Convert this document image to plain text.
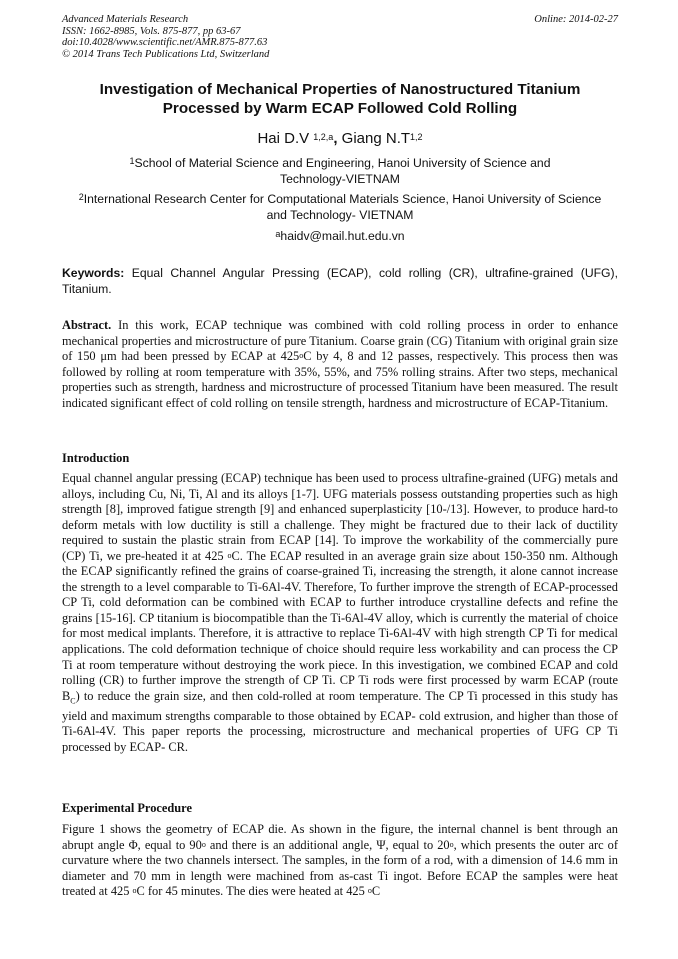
Advanced Materials Research
ISSN: 1662-8985, Vols. 875-877, pp 63-67
doi:10.4028/www.scientific.net/AMR.875-877.63
© 2014 Trans Tech Publications Ltd, Switzerland
Online: 2014-02-27
Investigation of Mechanical Properties of Nanostructured Titanium
Processed by Warm ECAP Followed Cold Rolling
Hai D.V $^{1,2,a}$, Giang $N.T^{1,2}$
$^1$School of Material Science and Engineering, Hanoi University of Science and
Technology-VIETNAM
$^2$International Research Center for Computational Materials Science, Hanoi University of Science
and Technology- VIETNAM
$^a$haidv@mail.hut.edu.vn
Keywords: Equal Channel Angular Pressing (ECAP), cold rolling (CR), ultrafine-grained (UFG), Titanium.
Abstract. In this work, ECAP technique was combined with cold rolling process in order to enhance mechanical properties and microstructure of pure Titanium. Coarse grain (CG) Titanium with original grain size of 150 μm had been pressed by ECAP at 425$^o$C by 4, 8 and 12 passes, respectively. This process then was followed by rolling at room temperature with 35%, 55%, and 75% rolling strains. After two steps, mechanical properties such as strength, hardness and microstructure of processed Titanium have been measured. The result indicated significant effect of cold rolling on tensile strength, hardness and microstructure of ECAP-Titanium.
Introduction
Equal channel angular pressing (ECAP) technique has been used to process ultrafine-grained (UFG) metals and alloys, including Cu, Ni, Ti, Al and its alloys [1-7]. UFG materials possess outstanding properties such as high strength [8], improved fatigue strength [9] and enhanced superplasticity [10-/13]. However, to produce hard-to deform metals with low ductility is still a challenge. They might be fractured due to their lack of ductility required to sustain the plastic strain from ECAP [14]. To improve the workability of the commercially pure (CP) Ti, we pre-heated it at 425 $^o$C. The ECAP resulted in an average grain size about 150-350 nm. Although the ECAP significantly refined the grains of coarse-grained Ti, increasing the strength, it alone cannot increase the strength to a level comparable to Ti-6Al-4V. Therefore, To further improve the strength of ECAP-processed CP Ti, cold deformation can be combined with ECAP to further introduce crystalline defects and refine the grains [15-16]. CP titanium is biocompatible than the Ti-6Al-4V alloy, which is currently the material of choice for most medical implants. Therefore, it is attractive to replace Ti-6Al-4V with high strength CP Ti for medical applications. The cold deformation technique of choice should require less workability and can process the CP Ti at room temperature without destroying the work piece. In this investigation, we combined ECAP and cold rolling (CR) to further improve the strength of CP Ti. CP Ti rods were first processed by warm ECAP (route $B_C$) to reduce the grain size, and then cold-rolled at room temperature. The CP Ti processed in this study has yield and maximum strengths comparable to those obtained by ECAP- cold extrusion, and higher than those of Ti-6Al-4V. This paper reports the processing, microstructure and mechanical properties of UFG CP Ti processed by ECAP- CR.
Experimental Procedure
Figure 1 shows the geometry of ECAP die. As shown in the figure, the internal channel is bent through an abrupt angle Φ, equal to 90$^o$ and there is an additional angle, Ψ, equal to 20$^o$, which presents the outer arc of curvature where the two channels intersect. The samples, in the form of a rod, with a dimension of 14.6 mm in diameter and 70 mm in length were machined from as-cast Ti ingot. Before ECAP the samples were heat treated at 425 $^o$C for 45 minutes. The dies were heated at 425 $^o$C
